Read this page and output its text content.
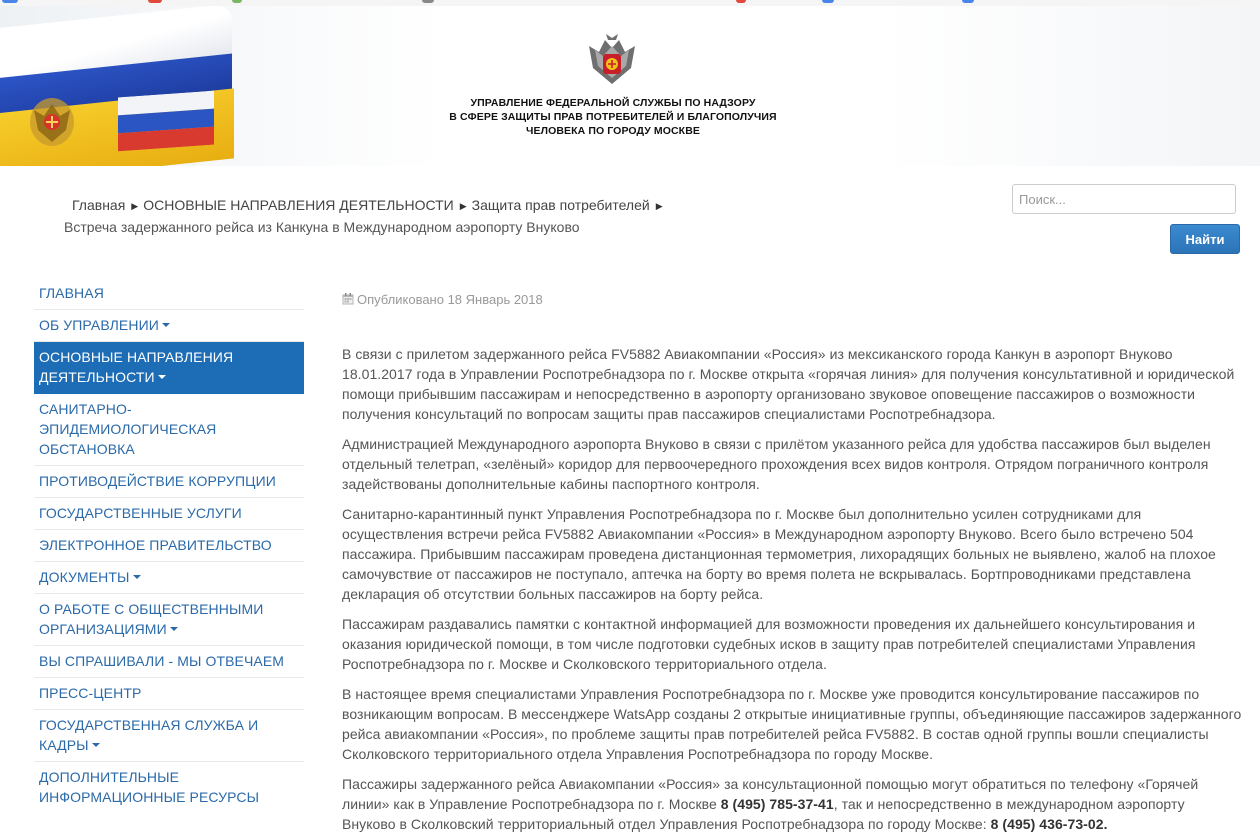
УПРАВЛЕНИЕ ФЕДЕРАЛЬНОЙ СЛУЖБЫ ПО НАДЗОРУ
В СФЕРЕ ЗАЩИТЫ ПРАВ ПОТРЕБИТЕЛЕЙ И БЛАГОПОЛУЧИЯ
ЧЕЛОВЕКА ПО ГОРОДУ МОСКВЕ
Главная ▶ ОСНОВНЫЕ НАПРАВЛЕНИЯ ДЕЯТЕЛЬНОСТИ ▶ Защита прав потребителей ▶
Встреча задержанного рейса из Канкуна в Международном аэропорту Внуково
Поиск...
Найти
ГЛАВНАЯ
ОБ УПРАВЛЕНИИ
ОСНОВНЫЕ НАПРАВЛЕНИЯ ДЕЯТЕЛЬНОСТИ
САНИТАРНО-ЭПИДЕМИОЛОГИЧЕСКАЯ ОБСТАНОВКА
ПРОТИВОДЕЙСТВИЕ КОРРУПЦИИ
ГОСУДАРСТВЕННЫЕ УСЛУГИ
ЭЛЕКТРОННОЕ ПРАВИТЕЛЬСТВО
ДОКУМЕНТЫ
О РАБОТЕ С ОБЩЕСТВЕННЫМИ ОРГАНИЗАЦИЯМИ
ВЫ СПРАШИВАЛИ - МЫ ОТВЕЧАЕМ
ПРЕСС-ЦЕНТР
ГОСУДАРСТВЕННАЯ СЛУЖБА И КАДРЫ
ДОПОЛНИТЕЛЬНЫЕ ИНФОРМАЦИОННЫЕ РЕСУРСЫ
Опубликовано 18 Январь 2018

В связи с прилетом задержанного рейса FV5882 Авиакомпании «Россия» из мексиканского города Канкун в аэропорт Внуково 18.01.2017 года в Управлении Роспотребнадзора по г. Москве открыта «горячая линия» для получения консультативной и юридической помощи прибывшим пассажирам и непосредственно в аэропорту организовано звуковое оповещение пассажиров о возможности получения консультаций по вопросам защиты прав пассажиров специалистами Роспотребнадзора.

Администрацией Международного аэропорта Внуково в связи с прилётом указанного рейса для удобства пассажиров был выделен отдельный телетрап, «зелёный» коридор для первоочередного прохождения всех видов контроля. Отрядом пограничного контроля задействованы дополнительные кабины паспортного контроля.

Санитарно-карантинный пункт Управления Роспотребнадзора по г. Москве был дополнительно усилен сотрудниками для осуществления встречи рейса FV5882 Авиакомпании «Россия» в Международном аэропорту Внуково. Всего было встречено 504 пассажира. Прибывшим пассажирам проведена дистанционная термометрия, лихорадящих больных не выявлено, жалоб на плохое самочувствие от пассажиров не поступало, аптечка на борту во время полета не вскрывалась. Бортпроводниками представлена декларация об отсутствии больных пассажиров на борту рейса.

Пассажирам раздавались памятки с контактной информацией для возможности проведения их дальнейшего консультирования и оказания юридической помощи, в том числе подготовки судебных исков в защиту прав потребителей специалистами Управления Роспотребнадзора по г. Москве и Сколковского территориального отдела.

В настоящее время специалистами Управления Роспотребнадзора по г. Москве уже проводится консультирование пассажиров по возникающим вопросам. В мессенджере WatsApp созданы 2 открытые инициативные группы, объединяющие пассажиров задержанного рейса авиакомпании «Россия», по проблеме защиты прав потребителей рейса FV5882. В состав одной группы вошли специалисты Сколковского территориального отдела Управления Роспотребнадзора по городу Москве.

Пассажиры задержанного рейса Авиакомпании «Россия» за консультационной помощью могут обратиться по телефону «Горячей линии» как в Управление Роспотребнадзора по г. Москве 8 (495) 785-37-41, так и непосредственно в международном аэропорту Внуково в Сколковский территориальный отдел Управления Роспотребнадзора по городу Москве: 8 (495) 436-73-02.
